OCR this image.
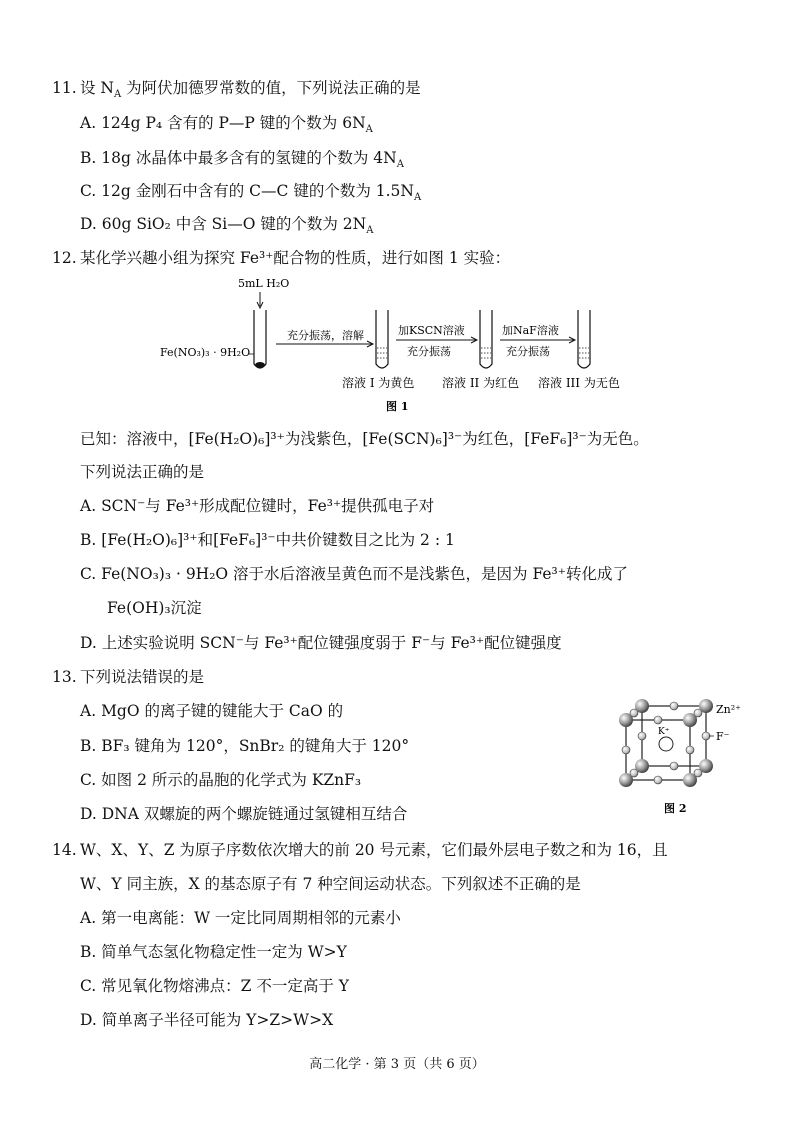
11. 设 $N_A$ 为阿伏加德罗常数的值，下列说法正确的是
A. 124g P₄ 含有的 P—P 键的个数为 $6N_A$
B. 18g 冰晶体中最多含有的氢键的个数为 $4N_A$
C. 12g 金刚石中含有的 C—C 键的个数为 $1.5N_A$
D. 60g SiO₂ 中含 Si—O 键的个数为 $2N_A$
12. 某化学兴趣小组为探究 Fe³⁺配合物的性质，进行如图 1 实验：
5mL H₂O
Fe(NO₃)₃ · 9H₂O
充分振荡，溶解	加KSCN溶液
充分振荡
加NaF溶液
充分振荡
溶液 I 为黄色 溶液 II 为红色 溶液 III 为无色
图 1
已知：溶液中，[Fe(H₂O)₆]³⁺为浅紫色，[Fe(SCN)₆]³⁻为红色，[FeF₆]³⁻为无色。
下列说法正确的是
A. SCN⁻与 Fe³⁺形成配位键时，Fe³⁺提供孤电子对
B. [Fe(H₂O)₆]³⁺和[FeF₆]³⁻中共价键数目之比为 2 : 1
C. Fe(NO₃)₃ · 9H₂O 溶于水后溶液呈黄色而不是浅紫色，是因为 Fe³⁺转化成了
Fe(OH)₃沉淀
D. 上述实验说明 SCN⁻与 Fe³⁺配位键强度弱于 F⁻与 Fe³⁺配位键强度
13. 下列说法错误的是
A. MgO 的离子键的键能大于 CaO 的
B. BF₃ 键角为 120°，SnBr₂ 的键角大于 120°
C. 如图 2 所示的晶胞的化学式为 KZnF₃
D. DNA 双螺旋的两个螺旋链通过氢键相互结合
K⁺
Zn²⁺
F⁻
图 2
14. W、X、Y、Z 为原子序数依次增大的前 20 号元素，它们最外层电子数之和为 16，且
W、Y 同主族，X 的基态原子有 7 种空间运动状态。下列叙述不正确的是
A. 第一电离能：W 一定比同周期相邻的元素小
B. 简单气态氢化物稳定性一定为 W>Y
C. 常见氧化物熔沸点：Z 不一定高于 Y
D. 简单离子半径可能为 Y>Z>W>X
高二化学 · 第 3 页（共 6 页）
